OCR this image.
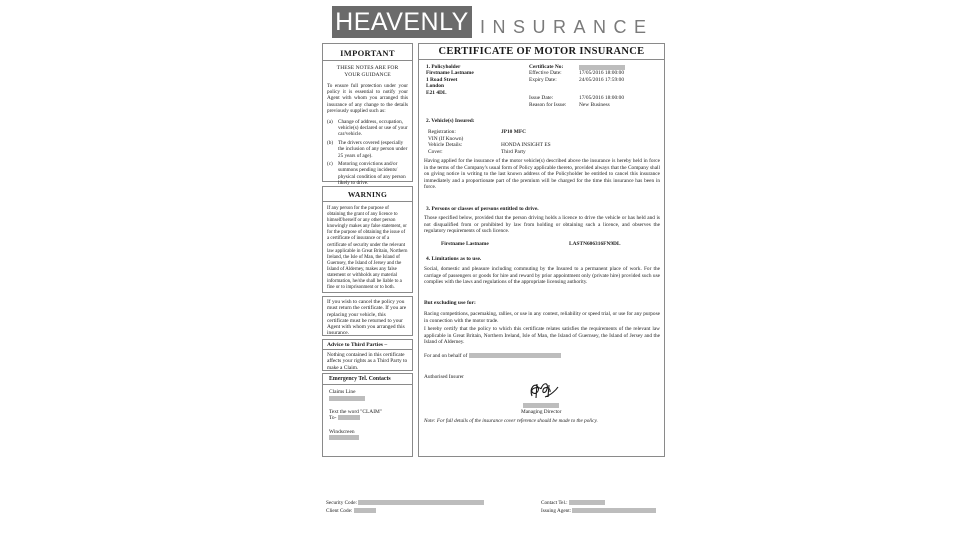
HEAVENLY INSURANCE
IMPORTANT
THESE NOTES ARE FOR
YOUR GUIDANCE
To ensure full protection under your policy it is essential to notify your Agent with whom you arranged this insurance of any change to the details previously supplied such as:
(a)	Change of address, occupation, vehicle(s) declared or use of your car/vehicle.
(b) The drivers covered (especially the inclusion of any person under 25 years of age).
(c)	Motoring convictions and/or summons pending incidents/ physical condition of any person likely to drive.
WARNING
If any person for the purpose of obtaining the grant of any licence to himself/herself or any other person knowingly makes any false statement, or for the purpose of obtaining the issue of a certificate of insurance or of a certificate of security under the relevant law applicable in Great Britain, Northern Ireland, the Isle of Man, the Island of Guernsey, the Island of Jersey and the Island of Alderney, makes any false statement or withholds any material information, he/she shall be liable to a fine or to imprisonment or to both.
If you wish to cancel the policy you must return the certificate. If you are replacing your vehicle, this certificate must be returned to your Agent with whom you arranged this insurance.
Advice to Third Parties –
Nothing contained in this certificate affects your rights as a Third Party to make a Claim.
Emergency Tel. Contacts
Claims Line
Text the word "CLAIM"
To-
Windscreen
CERTIFICATE OF MOTOR INSURANCE
1. Policyholder
Firstname Lastname
1 Road Street
London
E21 4DL
Certificate No:
Effective Date:	17/05/2016 18:00:00
Expiry Date:	24/05/2016 17:59:00
Issue Date:	17/05/2016 18:00:00
Reason for Issue:	New Business
2. Vehicle(s) Insured:
Registration:	JP10 MFC
VIN (If Known)
Vehicle Details:	HONDA INSIGHT ES
Cover:	Third Party
Having applied for the insurance of the motor vehicle(s) described above the insurance is hereby held in force in the terms of the Company's usual form of Policy applicable thereto, provided always that the Company shall on giving notice in writing to the last known address of the Policyholder be entitled to cancel this insurance immediately and a proportionate part of the premium will be charged for the time this insurance has been in force.
3. Persons or classes of persons entitled to drive.
Those specified below, provided that the person driving holds a licence to drive the vehicle or has held and is not disqualified from or prohibited by law from holding or obtaining such a licence, and observes the regulatory requirements of such licence.
Firstname Lastname	LASTN606316FN9DL
4. Limitations as to use.
Social, domestic and pleasure including commuting by the Insured to a permanent place of work. For the carriage of passengers or goods for hire and reward by prior appointment only (private hire) provided such use complies with the laws and regulations of the appropriate licensing authority.
But excluding use for:
Racing competitions, pacemaking, rallies, or use in any contest, reliability or speed trial, or use for any purpose in connection with the motor trade.
I hereby certify that the policy to which this certificate relates satisfies the requirements of the relevant law applicable in Great Britain, Northern Ireland, Isle of Man, the Island of Guernsey, the Island of Jersey and the Island of Alderney.
For and on behalf of
Authorised Insurer
Managing Director
Note: For full details of the insurance cover reference should be made to the policy.
Security Code:
Client Code:
Contact Tel.:
Issuing Agent:
